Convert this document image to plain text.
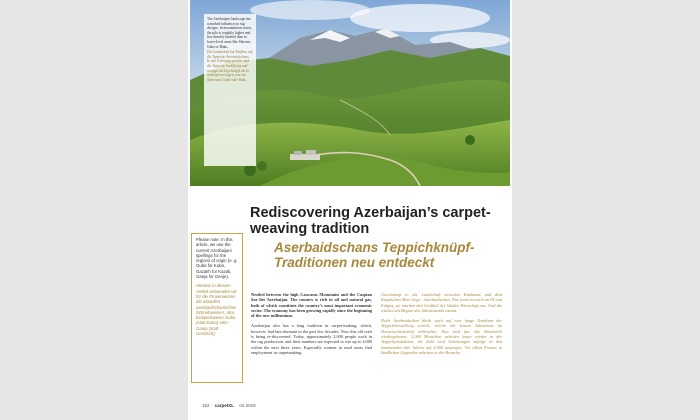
The Azerbaijani landscape has a marked influence on rug designs. In mountainous zones, the pile is roughtly higher and less densely knotted than in lower-level areas like Shirvan, Guba or Baku.

Die Landschaft hat Einfluss auf die Teppiche Aserbaidschans. In den Gebirgsgegenden sind die Teppiche hochflorig und weniger dicht geknüpft als in niedrigeren Lagen, wie um Schirwan, Guba oder Baku.

Rediscovering Azerbaijan’s carpet-weaving tradition
Aserbaidschans Teppichknüpf-Traditionen neu entdeckt

Please note: In this article, we use the current Azerbaijani spellings for the regions of origin (e. g. Guba for Kuba, Gazakh for Kazak, Ganja for Genje).

Hinweis in diesem Artikel verwenden wir für die Provenienzen die aktuellen aserbaidschanischen Schreibweisen, also beispielsweise Guba (statt Kuba) oder Ganja (statt Gendsch).

Nestled between the high Caucasus Mountains and the Caspian Sea lies Azerbaijan. The country is rich in oil and natural gas, both of which constitute the country’s most important economic sector. The economy has been growing rapidly since the beginning of the new millennium.

Azerbaijan also has a long tradition in carpet-making, which, however, had lain dormant in the past few decades. Now this old craft is being re-discovered. Today, approximately 2,000 people work in the rug production, and their numbers are expected to rise up to 4,000 within the next three years. Especially women in rural areas find employment in carpetmaking.

Geschmiegt in die Landschaft zwischen Kaukasus und dem Kaspischen Meer liegt – Aserbaidschan. Das Land ist reich an Öl und Erdgas, sie machen den Großteil der lokalen Wirtschaft aus. Und die wächst seit Beginn des Jahrtausends rasant.

Doch Aserbaidschan blickt auch auf eine lange Tradition der Teppichherstellung zurück, welche die letzten Jahrzehnte im Dornröschenschlaf verbrachte. Nun wird das alte Handwerk wiedergeboren: 2.000 Menschen arbeiten heute wieder in der Teppichproduktion, die Zahl wird Schätzungen zufolge in den kommenden drei Jahren auf 4.000 ansteigen. Vor allem Frauen in ländlichen Gegenden arbeiten in der Branche.

152 carpetXL 04.2018
